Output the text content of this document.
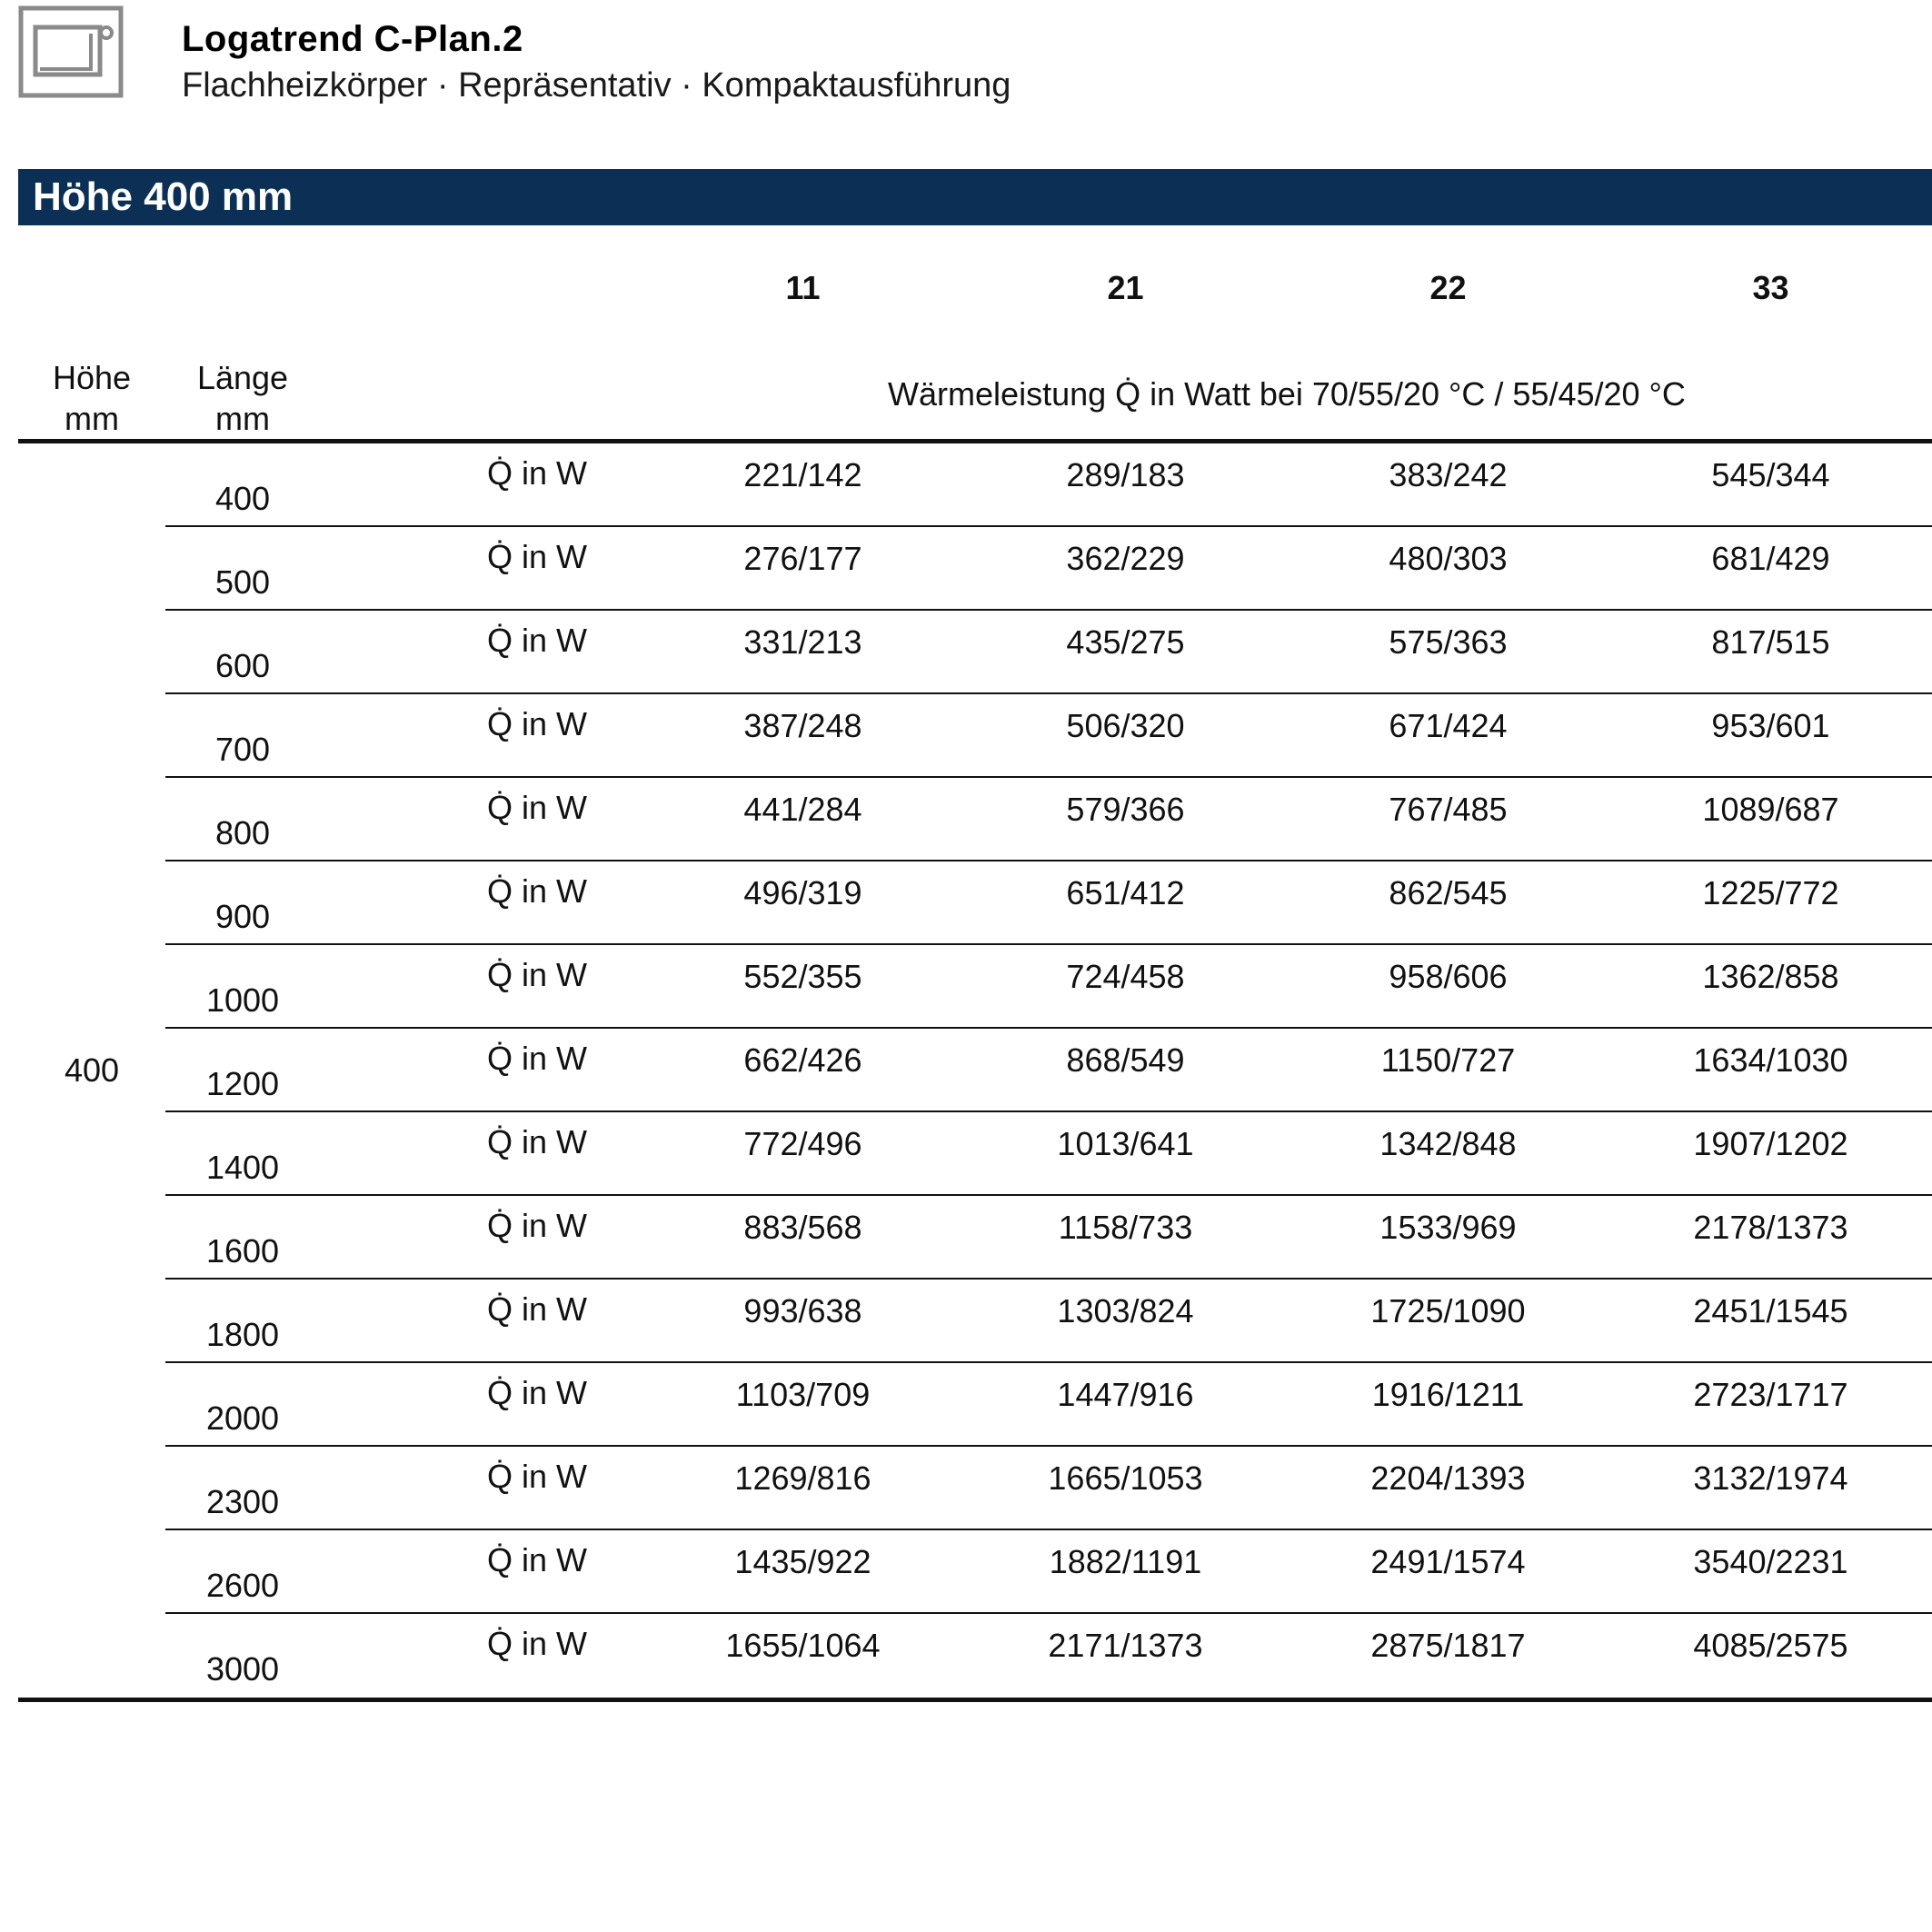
Logatrend C-Plan.2
Flachheizkörper · Repräsentativ · Kompaktausführung
Höhe 400 mm
11	21	22	33
Höhe
mm
Länge
mm
Wärmeleistung Q̇ in Watt bei 70/55/20 °C / 55/45/20 °C
400
400
Q̇ in W	221/142	289/183	383/242	545/344
500
Q̇ in W	276/177	362/229	480/303	681/429
600
Q̇ in W	331/213	435/275	575/363	817/515
700
Q̇ in W	387/248	506/320	671/424	953/601
800
Q̇ in W	441/284	579/366	767/485	1089/687
900
Q̇ in W	496/319	651/412	862/545	1225/772
1000
Q̇ in W	552/355	724/458	958/606	1362/858
1200
Q̇ in W	662/426	868/549	1150/727	1634/1030
1400
Q̇ in W	772/496	1013/641	1342/848	1907/1202
1600
Q̇ in W	883/568	1158/733	1533/969	2178/1373
1800
Q̇ in W	993/638	1303/824	1725/1090	2451/1545
2000
Q̇ in W	1103/709	1447/916	1916/1211	2723/1717
2300
Q̇ in W	1269/816	1665/1053	2204/1393	3132/1974
2600
Q̇ in W	1435/922	1882/1191	2491/1574	3540/2231
3000
Q̇ in W	1655/1064	2171/1373	2875/1817	4085/2575
